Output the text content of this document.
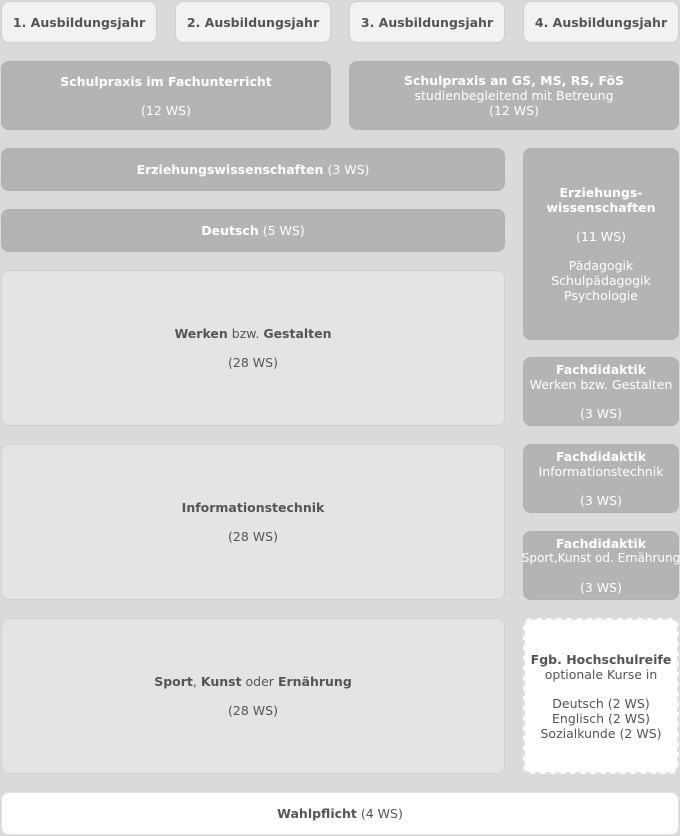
1. Ausbildungsjahr	2. Ausbildungsjahr	3. Ausbildungsjahr	4. Ausbildungsjahr
Schulpraxis im Fachunterricht
(12 WS)
Schulpraxis an GS, MS, RS, FöS
studienbegleitend mit Betreung
(12 WS)
Erziehungswissenschaften
(3 WS)
Deutsch
(5 WS)
Werken bzw. Gestalten
(28 WS)
Informationstechnik
(28 WS)
Sport, Kunst oder Ernährung
(28 WS)
Erziehungs-
wissenschaften
(11 WS)
Pädagogik
Schulpädagogik
Psychologie
Fachdidaktik
Werken bzw. Gestalten
(3 WS)
Fachdidaktik
Informationstechnik
(3 WS)
Fachdidaktik
Sport,Kunst od. Ernährung
(3 WS)
Fgb. Hochschulreife
optionale Kurse in
Deutsch (2 WS)
Englisch (2 WS)
Sozialkunde (2 WS)
Wahlpflicht
(4 WS)
